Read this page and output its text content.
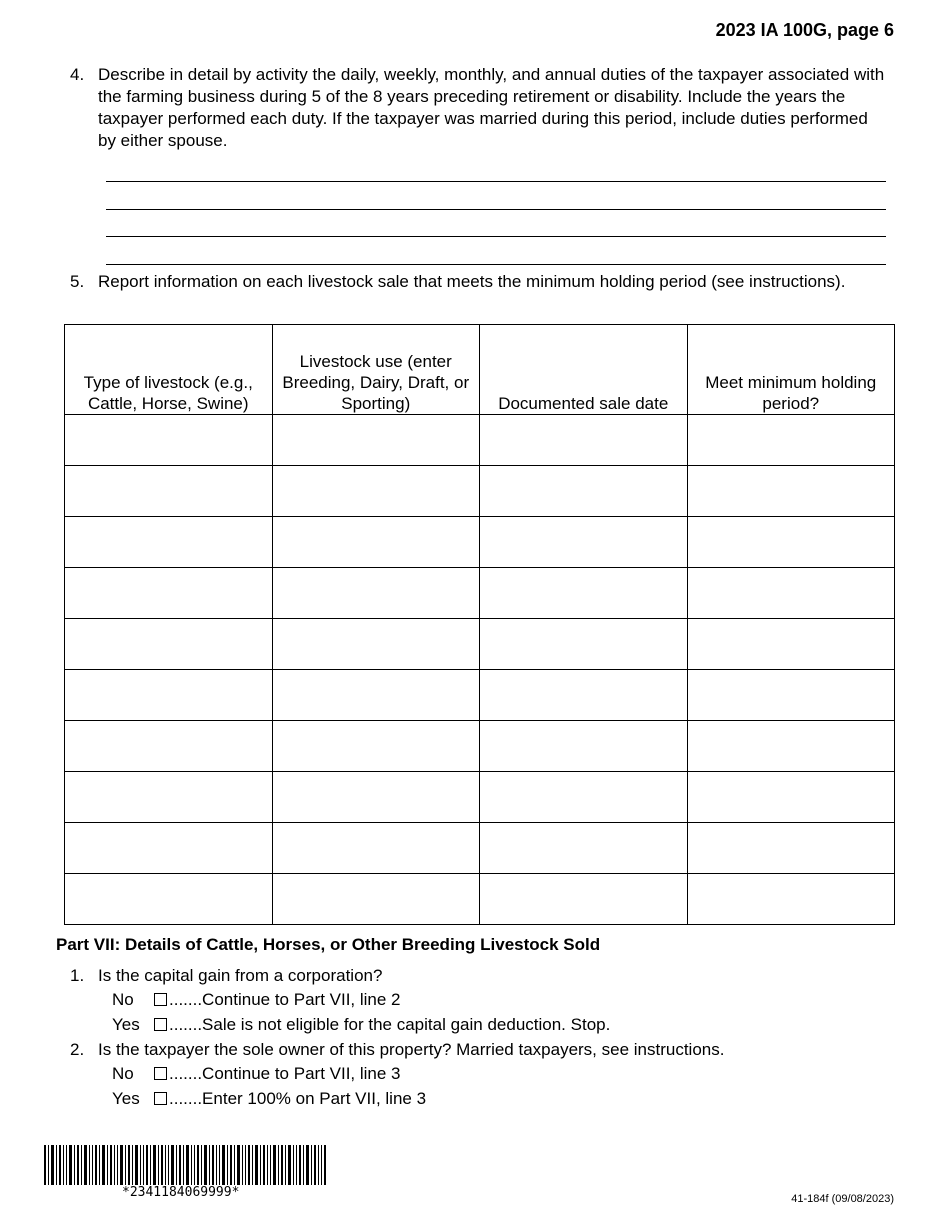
2023 IA 100G, page 6
4. Describe in detail by activity the daily, weekly, monthly, and annual duties of the taxpayer associated with the farming business during 5 of the 8 years preceding retirement or disability. Include the years the taxpayer performed each duty. If the taxpayer was married during this period, include duties performed by either spouse.
5. Report information on each livestock sale that meets the minimum holding period (see instructions).
Type of livestock (e.g., Cattle, Horse, Swine)	Livestock use (enter Breeding, Dairy, Draft, or Sporting)	Documented sale date	Meet minimum holding period?

Part VII: Details of Cattle, Horses, or Other Breeding Livestock Sold
1. Is the capital gain from a corporation?
No .......Continue to Part VII, line 2
Yes .......Sale is not eligible for the capital gain deduction. Stop.
2. Is the taxpayer the sole owner of this property? Married taxpayers, see instructions.
No .......Continue to Part VII, line 3
Yes .......Enter 100% on Part VII, line 3
*2341184069999*	41-184f (09/08/2023)
